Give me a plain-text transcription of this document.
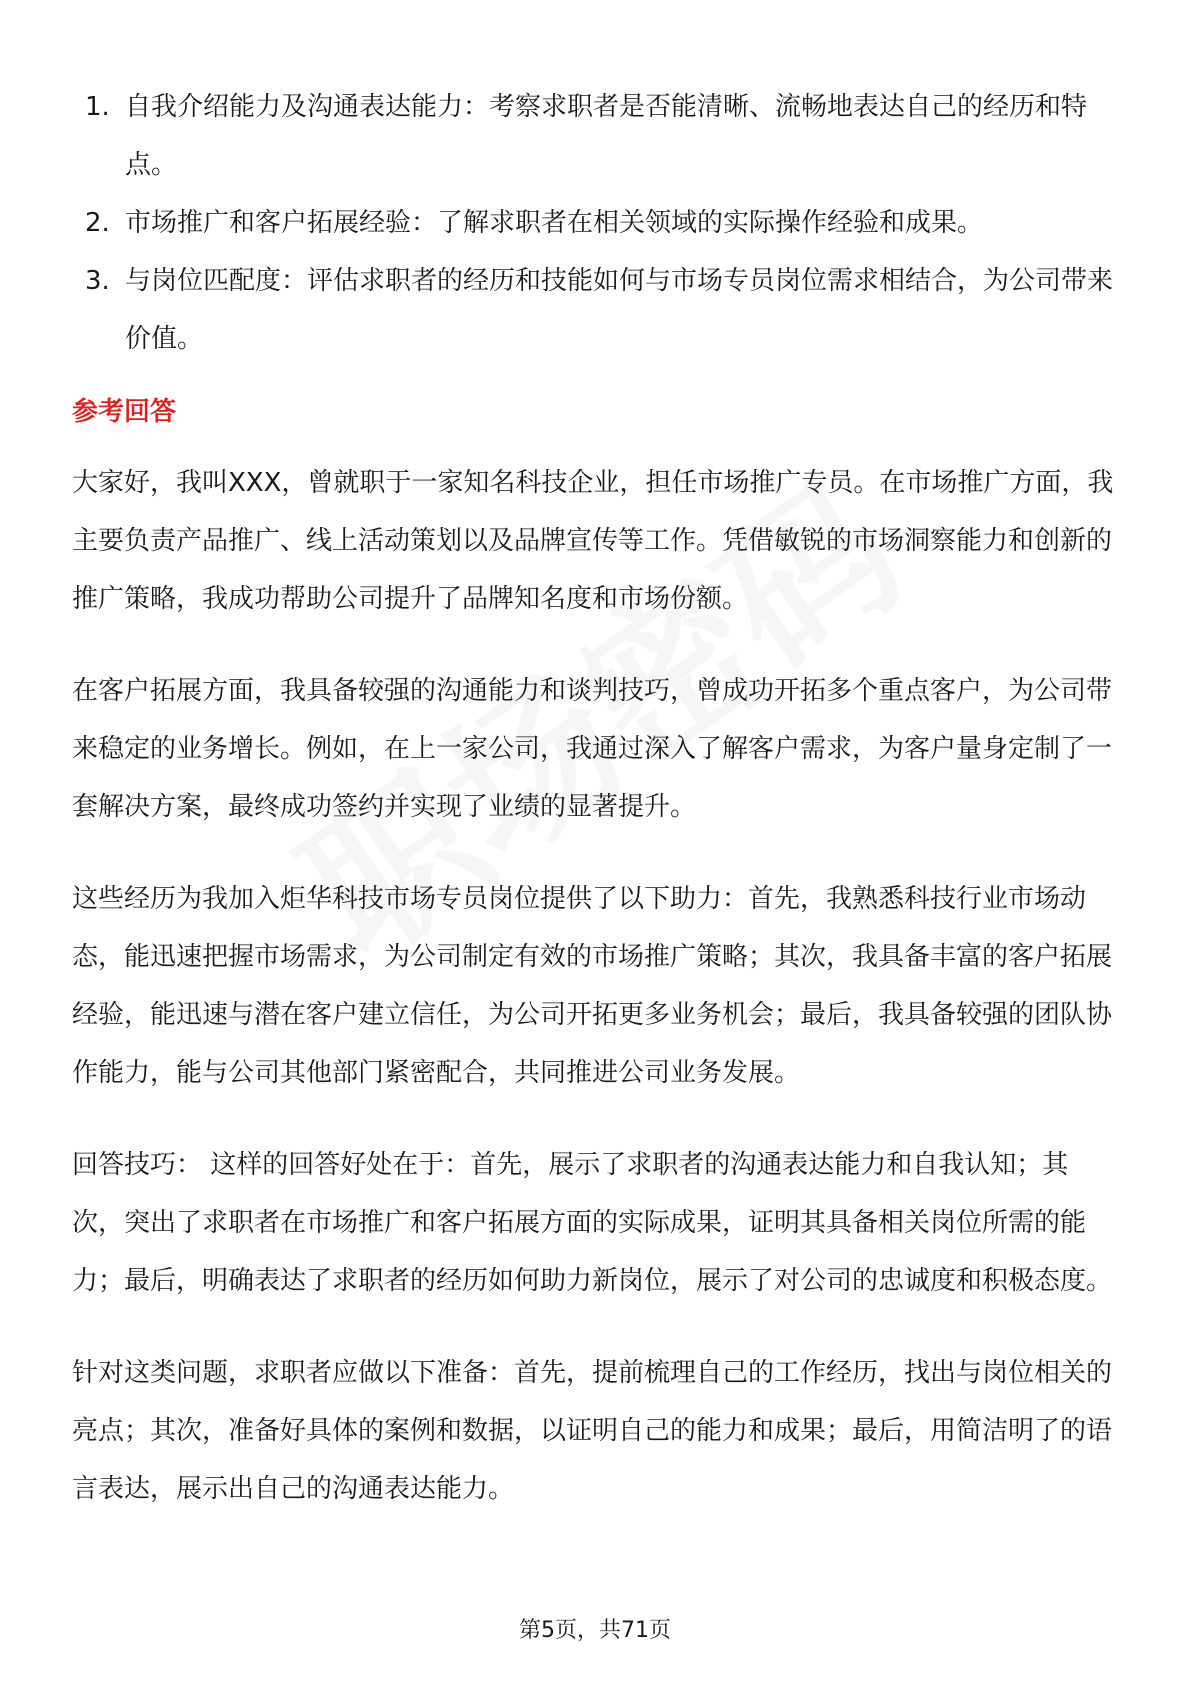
1. 自我介绍能力及沟通表达能力：考察求职者是否能清晰、流畅地表达自己的经历和特点。
2. 市场推广和客户拓展经验：了解求职者在相关领域的实际操作经验和成果。
3. 与岗位匹配度：评估求职者的经历和技能如何与市场专员岗位需求相结合，为公司带来价值。
参考回答

大家好，我叫XXX，曾就职于一家知名科技企业，担任市场推广专员。在市场推广方面，我主要负责产品推广、线上活动策划以及品牌宣传等工作。凭借敏锐的市场洞察能力和创新的推广策略，我成功帮助公司提升了品牌知名度和市场份额。

在客户拓展方面，我具备较强的沟通能力和谈判技巧，曾成功开拓多个重点客户，为公司带来稳定的业务增长。例如，在上一家公司，我通过深入了解客户需求，为客户量身定制了一套解决方案，最终成功签约并实现了业绩的显著提升。

这些经历为我加入炬华科技市场专员岗位提供了以下助力：首先，我熟悉科技行业市场动态，能迅速把握市场需求，为公司制定有效的市场推广策略；其次，我具备丰富的客户拓展经验，能迅速与潜在客户建立信任，为公司开拓更多业务机会；最后，我具备较强的团队协作能力，能与公司其他部门紧密配合，共同推进公司业务发展。

回答技巧： 这样的回答好处在于：首先，展示了求职者的沟通表达能力和自我认知；其次，突出了求职者在市场推广和客户拓展方面的实际成果，证明其具备相关岗位所需的能力；最后，明确表达了求职者的经历如何助力新岗位，展示了对公司的忠诚度和积极态度。

针对这类问题，求职者应做以下准备：首先，提前梳理自己的工作经历，找出与岗位相关的亮点；其次，准备好具体的案例和数据，以证明自己的能力和成果；最后，用简洁明了的语言表达，展示出自己的沟通表达能力。

第5页，共71页
